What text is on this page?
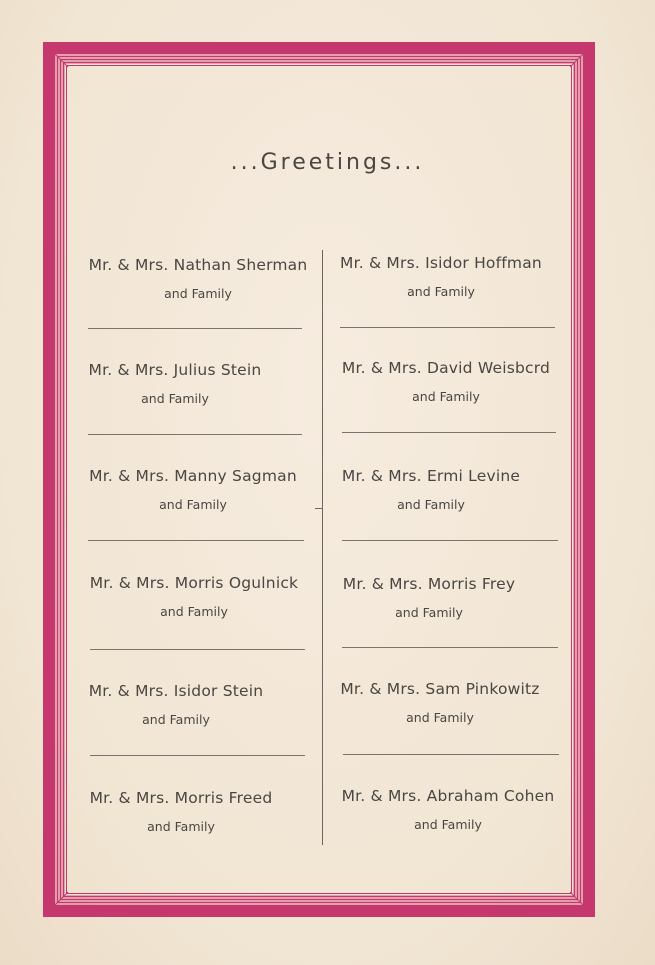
...Greetings...
Mr. & Mrs. Nathan Sherman
and Family
Mr. & Mrs. Julius Stein
and Family
Mr. & Mrs. Manny Sagman
and Family
Mr. & Mrs. Morris Ogulnick
and Family
Mr. & Mrs. Isidor Stein
and Family
Mr. & Mrs. Morris Freed
and Family
Mr. & Mrs. Isidor Hoffman
and Family
Mr. & Mrs. David Weisbcrd
and Family
Mr. & Mrs. Ermi Levine
and Family
Mr. & Mrs. Morris Frey
and Family
Mr. & Mrs. Sam Pinkowitz
and Family
Mr. & Mrs. Abraham Cohen
and Family
